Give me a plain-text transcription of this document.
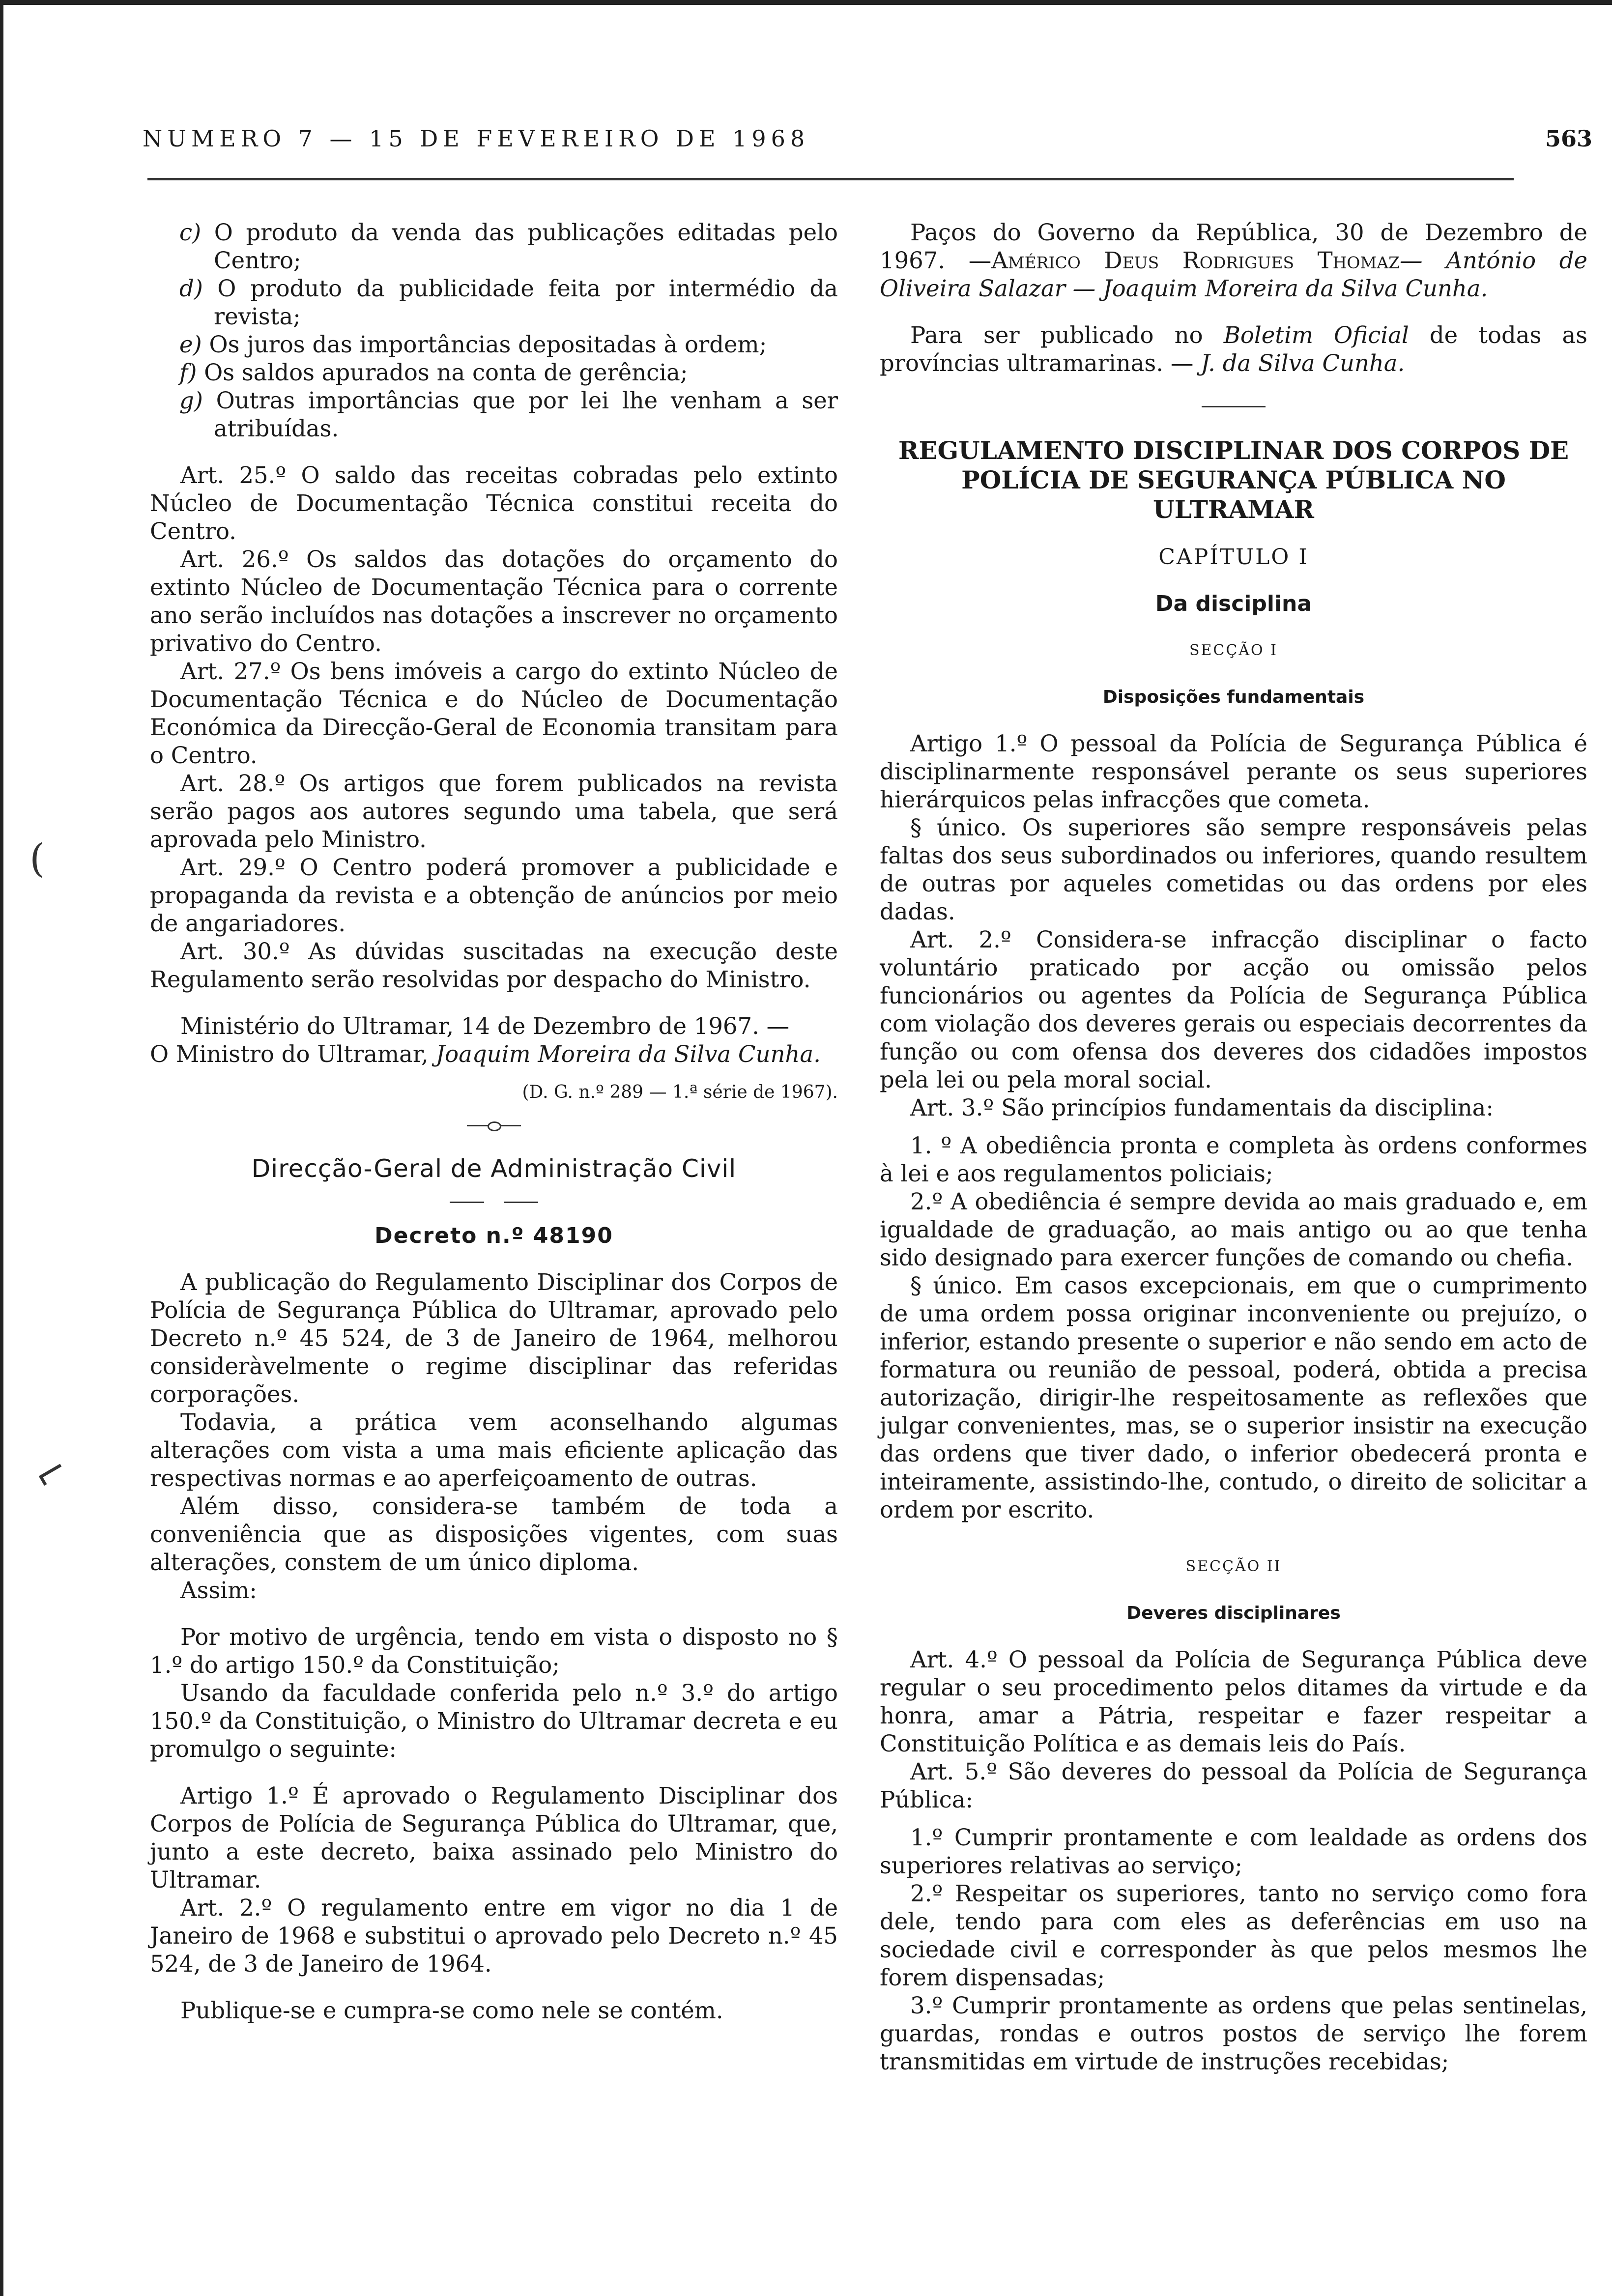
NUMERO 7 — 15 DE FEVEREIRO DE 1968	563
(
⌐

c) O produto da venda das publicações editadas pelo Centro;

d) O produto da publicidade feita por intermédio da revista;

e) Os juros das importâncias depositadas à ordem;

f) Os saldos apurados na conta de gerência;

g) Outras importâncias que por lei lhe venham a ser atribuídas.

Art. 25.º O saldo das receitas cobradas pelo extinto Núcleo de Documentação Técnica constitui receita do Centro.

Art. 26.º Os saldos das dotações do orçamento do extinto Núcleo de Documentação Técnica para o corrente ano serão incluídos nas dotações a inscrever no orçamento privativo do Centro.

Art. 27.º Os bens imóveis a cargo do extinto Núcleo de Documentação Técnica e do Núcleo de Documentação Económica da Direcção-Geral de Economia transitam para o Centro.

Art. 28.º Os artigos que forem publicados na revista serão pagos aos autores segundo uma tabela, que será aprovada pelo Ministro.

Art. 29.º O Centro poderá promover a publicidade e propaganda da revista e a obtenção de anúncios por meio de angariadores.

Art. 30.º As dúvidas suscitadas na execução deste Regulamento serão resolvidas por despacho do Ministro.

Ministério do Ultramar, 14 de Dezembro de 1967. —

O Ministro do Ultramar, Joaquim Moreira da Silva Cunha.

(D. G. n.º 289 — 1.ª série de 1967).

Direcção-Geral de Administração Civil

Decreto n.º 48190

A publicação do Regulamento Disciplinar dos Corpos de Polícia de Segurança Pública do Ultramar, aprovado pelo Decreto n.º 45 524, de 3 de Janeiro de 1964, melhorou consideràvelmente o regime disciplinar das referidas corporações.

Todavia, a prática vem aconselhando algumas alterações com vista a uma mais eficiente aplicação das respectivas normas e ao aperfeiçoamento de outras.

Além disso, considera-se também de toda a conveniência que as disposições vigentes, com suas alterações, constem de um único diploma.

Assim:

Por motivo de urgência, tendo em vista o disposto no § 1.º do artigo 150.º da Constituição;

Usando da faculdade conferida pelo n.º 3.º do artigo 150.º da Constituição, o Ministro do Ultramar decreta e eu promulgo o seguinte:

Artigo 1.º É aprovado o Regulamento Disciplinar dos Corpos de Polícia de Segurança Pública do Ultramar, que, junto a este decreto, baixa assinado pelo Ministro do Ultramar.

Art. 2.º O regulamento entre em vigor no dia 1 de Janeiro de 1968 e substitui o aprovado pelo Decreto n.º 45 524, de 3 de Janeiro de 1964.

Publique-se e cumpra-se como nele se contém.

Paços do Governo da República, 30 de Dezembro de 1967. —Américo Deus Rodrigues Thomaz— António de Oliveira Salazar — Joaquim Moreira da Silva Cunha.

Para ser publicado no Boletim Oficial de todas as províncias ultramarinas. — J. da Silva Cunha.

REGULAMENTO DISCIPLINAR DOS CORPOS DE POLÍCIA DE SEGURANÇA PÚBLICA NO ULTRAMAR

CAPÍTULO I

Da disciplina

SECÇÃO I

Disposições fundamentais

Artigo 1.º O pessoal da Polícia de Segurança Pública é disciplinarmente responsável perante os seus superiores hierárquicos pelas infracções que cometa.

§ único. Os superiores são sempre responsáveis pelas faltas dos seus subordinados ou inferiores, quando resultem de outras por aqueles cometidas ou das ordens por eles dadas.

Art. 2.º Considera-se infracção disciplinar o facto voluntário praticado por acção ou omissão pelos funcionários ou agentes da Polícia de Segurança Pública com violação dos deveres gerais ou especiais decorrentes da função ou com ofensa dos deveres dos cidadões impostos pela lei ou pela moral social.

Art. 3.º São princípios fundamentais da disciplina:

1. º A obediência pronta e completa às ordens conformes à lei e aos regulamentos policiais;

2.º A obediência é sempre devida ao mais graduado e, em igualdade de graduação, ao mais antigo ou ao que tenha sido designado para exercer funções de comando ou chefia.

§ único. Em casos excepcionais, em que o cumprimento de uma ordem possa originar inconveniente ou prejuízo, o inferior, estando presente o superior e não sendo em acto de formatura ou reunião de pessoal, poderá, obtida a precisa autorização, dirigir-lhe respeitosamente as reflexões que julgar convenientes, mas, se o superior insistir na execução das ordens que tiver dado, o inferior obedecerá pronta e inteiramente, assistindo-lhe, contudo, o direito de solicitar a ordem por escrito.

SECÇÃO II

Deveres disciplinares

Art. 4.º O pessoal da Polícia de Segurança Pública deve regular o seu procedimento pelos ditames da virtude e da honra, amar a Pátria, respeitar e fazer respeitar a Constituição Política e as demais leis do País.

Art. 5.º São deveres do pessoal da Polícia de Segurança Pública:

1.º Cumprir prontamente e com lealdade as ordens dos superiores relativas ao serviço;

2.º Respeitar os superiores, tanto no serviço como fora dele, tendo para com eles as deferências em uso na sociedade civil e corresponder às que pelos mesmos lhe forem dispensadas;

3.º Cumprir prontamente as ordens que pelas sentinelas, guardas, rondas e outros postos de serviço lhe forem transmitidas em virtude de instruções recebidas;
